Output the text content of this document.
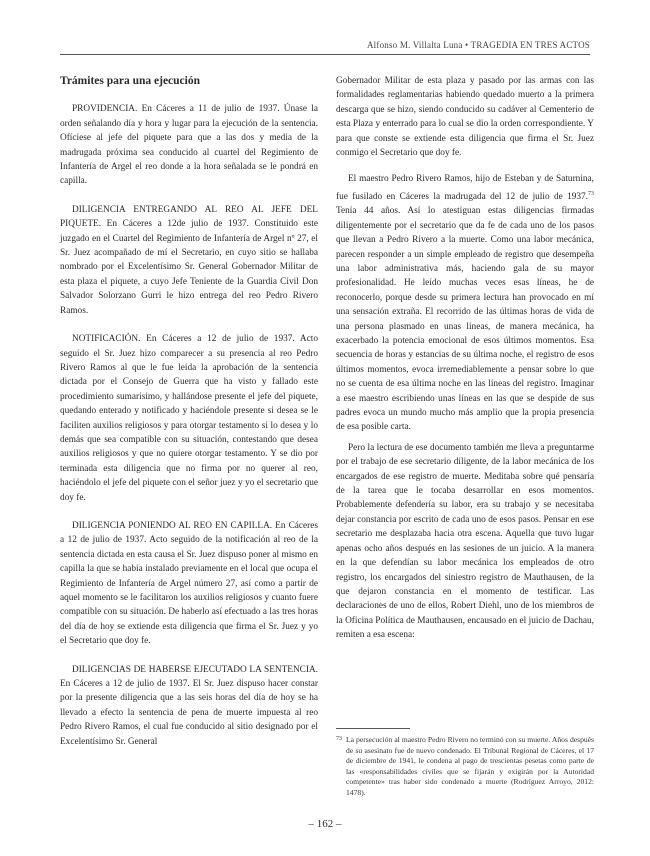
Alfonso M. Villalta Luna • TRAGEDIA EN TRES ACTOS
Trámites para una ejecución

PROVIDENCIA. En Cáceres a 11 de julio de 1937. Únase la orden señalando día y hora y lugar para la ejecución de la sentencia. Ofíciese al jefe del piquete para que a las dos y media de la madrugada próxima sea conducido al cuartel del Regimiento de Infantería de Argel el reo donde a la hora señalada se le pondrá en capilla.

DILIGENCIA ENTREGANDO AL REO AL JEFE DEL PIQUETE. En Cáceres a 12de julio de 1937. Constituido este juzgado en el Cuartel del Regimiento de Infantería de Argel nº 27, el Sr. Juez acompañado de mí el Secretario, en cuyo sitio se hallaba nombrado por el Excelentísimo Sr. General Gobernador Militar de esta plaza el piquete, a cuyo Jefe Teniente de la Guardia Civil Don Salvador Solorzano Gurri le hizo entrega del reo Pedro Rivero Ramos.

NOTIFICACIÓN. En Cáceres a 12 de julio de 1937. Acto seguido el Sr. Juez hizo comparecer a su presencia al reo Pedro Rivero Ramos al que le fue leída la aprobación de la sentencia dictada por el Consejo de Guerra que ha visto y fallado este procedimiento sumarísimo, y hallándose presente el jefe del piquete, quedando enterado y notificado y haciéndole presente si desea se le faciliten auxilios religiosos y para otorgar testamento si lo desea y lo demás que sea compatible con su situación, contestando que desea auxilios religiosos y que no quiere otorgar testamento. Y se dio por terminada esta diligencia que no firma por no querer al reo, haciéndolo el jefe del piquete con el señor juez y yo el secretario que doy fe.

DILIGENCIA PONIENDO AL REO EN CAPILLA. En Cáceres a 12 de julio de 1937. Acto seguido de la notificación al reo de la sentencia dictada en esta causa el Sr. Juez dispuso poner al mismo en capilla la que se había instalado previamente en el local que ocupa el Regimiento de Infantería de Argel número 27, así como a partir de aquel momento se le facilitaron los auxilios religiosos y cuanto fuere compatible con su situación. De haberlo así efectuado a las tres horas del día de hoy se extiende esta diligencia que firma el Sr. Juez y yo el Secretario que doy fe.

DILIGENCIAS DE HABERSE EJECUTADO LA SENTENCIA. En Cáceres a 12 de julio de 1937. El Sr. Juez dispuso hacer constar por la presente diligencia que a las seis horas del día de hoy se ha llevado a efecto la sentencia de pena de muerte impuesta al reo Pedro Rivero Ramos, el cual fue conducido al sitio designado por el Excelentísimo Sr. General

Gobernador Militar de esta plaza y pasado por las armas con las formalidades reglamentarias habiendo quedado muerto a la primera descarga que se hizo, siendo conducido su cadáver al Cementerio de esta Plaza y enterrado para lo cual se dio la orden correspondiente. Y para que conste se extiende esta diligencia que firma el Sr. Juez conmigo el Secretario que doy fe.

El maestro Pedro Rivero Ramos, hijo de Esteban y de Saturnina, fue fusilado en Cáceres la madrugada del 12 de julio de 1937.73 Tenía 44 años. Así lo atestiguan estas diligencias firmadas diligentemente por el secretario que da fe de cada uno de los pasos que llevan a Pedro Rivero a la muerte. Como una labor mecánica, parecen responder a un simple empleado de registro que desempeña una labor administrativa más, haciendo gala de su mayor profesionalidad. He leído muchas veces esas líneas, he de reconocerlo, porque desde su primera lectura han provocado en mí una sensación extraña. El recorrido de las últimas horas de vida de una persona plasmado en unas líneas, de manera mecánica, ha exacerbado la potencia emocional de esos últimos momentos. Esa secuencia de horas y estancias de su última noche, el registro de esos últimos momentos, evoca irremediablemente a pensar sobre lo que no se cuenta de esa última noche en las líneas del registro. Imaginar a ese maestro escribiendo unas líneas en las que se despide de sus padres evoca un mundo mucho más amplio que la propia presencia de esa posible carta.

Pero la lectura de ese documento también me lleva a preguntarme por el trabajo de ese secretario diligente, de la labor mecánica de los encargados de ese registro de muerte. Meditaba sobre qué pensaría de la tarea que le tocaba desarrollar en esos momentos. Probablemente defendería su labor, era su trabajo y se necesitaba dejar constancia por escrito de cada uno de esos pasos. Pensar en ese secretario me desplazaba hacia otra escena. Aquella que tuvo lugar apenas ocho años después en las sesiones de un juicio. A la manera en la que defendían su labor mecánica los empleados de otro registro, los encargados del siniestro registro de Mauthausen, de la que dejaron constancia en el momento de testificar. Las declaraciones de uno de ellos, Robert Diehl, uno de los miembros de la Oficina Política de Mauthausen, encausado en el juicio de Dachau, remiten a esa escena:

73 La persecución al maestro Pedro Rivero no terminó con su muerte. Años después de su asesinato fue de nuevo condenado. El Tribunal Regional de Cáceres, el 17 de diciembre de 1941, le condena al pago de trescientas pesetas como parte de las «responsabilidades civiles que se fijarán y exigirán por la Autoridad competente» tras haber sido condenado a muerte (Rodríguez Arroyo, 2012: 1478).
– 162 –
